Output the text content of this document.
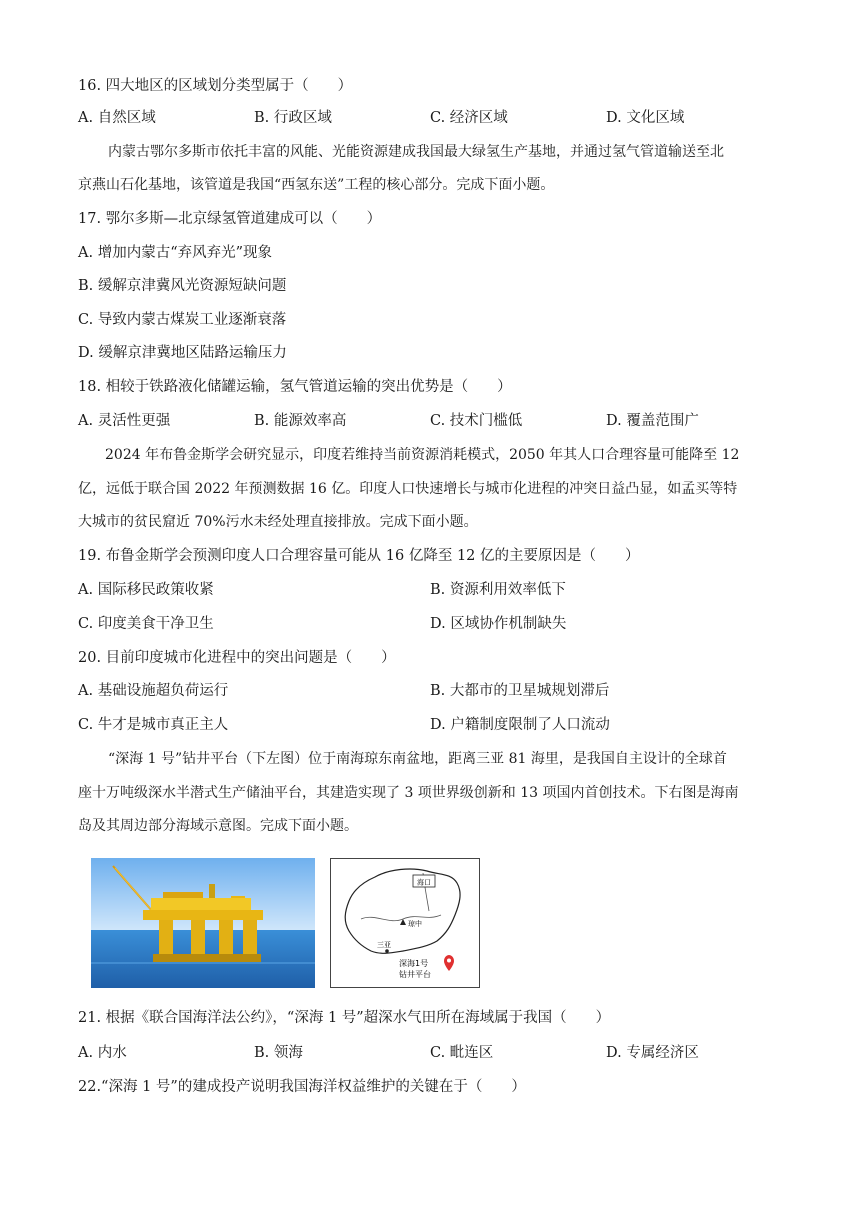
16. 四大地区的区域划分类型属于（　　）
A. 自然区域	B. 行政区域	C. 经济区域	D. 文化区域
内蒙古鄂尔多斯市依托丰富的风能、光能资源建成我国最大绿氢生产基地，并通过氢气管道输送至北
京燕山石化基地，该管道是我国“西氢东送”工程的核心部分。完成下面小题。
17. 鄂尔多斯—北京绿氢管道建成可以（　　）
A. 增加内蒙古“弃风弃光”现象
B. 缓解京津冀风光资源短缺问题
C. 导致内蒙古煤炭工业逐渐衰落
D. 缓解京津冀地区陆路运输压力
18. 相较于铁路液化储罐运输，氢气管道运输的突出优势是（　　）
A. 灵活性更强	B. 能源效率高	C. 技术门槛低	D. 覆盖范围广
2024 年布鲁金斯学会研究显示，印度若维持当前资源消耗模式，2050 年其人口合理容量可能降至 12
亿，远低于联合国 2022 年预测数据 16 亿。印度人口快速增长与城市化进程的冲突日益凸显，如孟买等特
大城市的贫民窟近 70%污水未经处理直接排放。完成下面小题。
19. 布鲁金斯学会预测印度人口合理容量可能从 16 亿降至 12 亿的主要原因是（　　）
A. 国际移民政策收紧	B. 资源利用效率低下
C. 印度美食干净卫生	D. 区域协作机制缺失
20. 目前印度城市化进程中的突出问题是（　　）
A. 基础设施超负荷运行	B. 大都市的卫星城规划滞后
C. 牛才是城市真正主人	D. 户籍制度限制了人口流动
“深海 1 号”钻井平台（下左图）位于南海琼东南盆地，距离三亚 81 海里，是我国自主设计的全球首
座十万吨级深水半潜式生产储油平台，其建造实现了 3 项世界级创新和 13 项国内首创技术。下右图是海南
岛及其周边部分海域示意图。完成下面小题。
海口
琼中
三亚
深海1号
钻井平台
21. 根据《联合国海洋法公约》，“深海 1 号”超深水气田所在海域属于我国（　　）
A. 内水	B. 领海	C. 毗连区	D. 专属经济区
22.“深海 1 号”的建成投产说明我国海洋权益维护的关键在于（　　）
